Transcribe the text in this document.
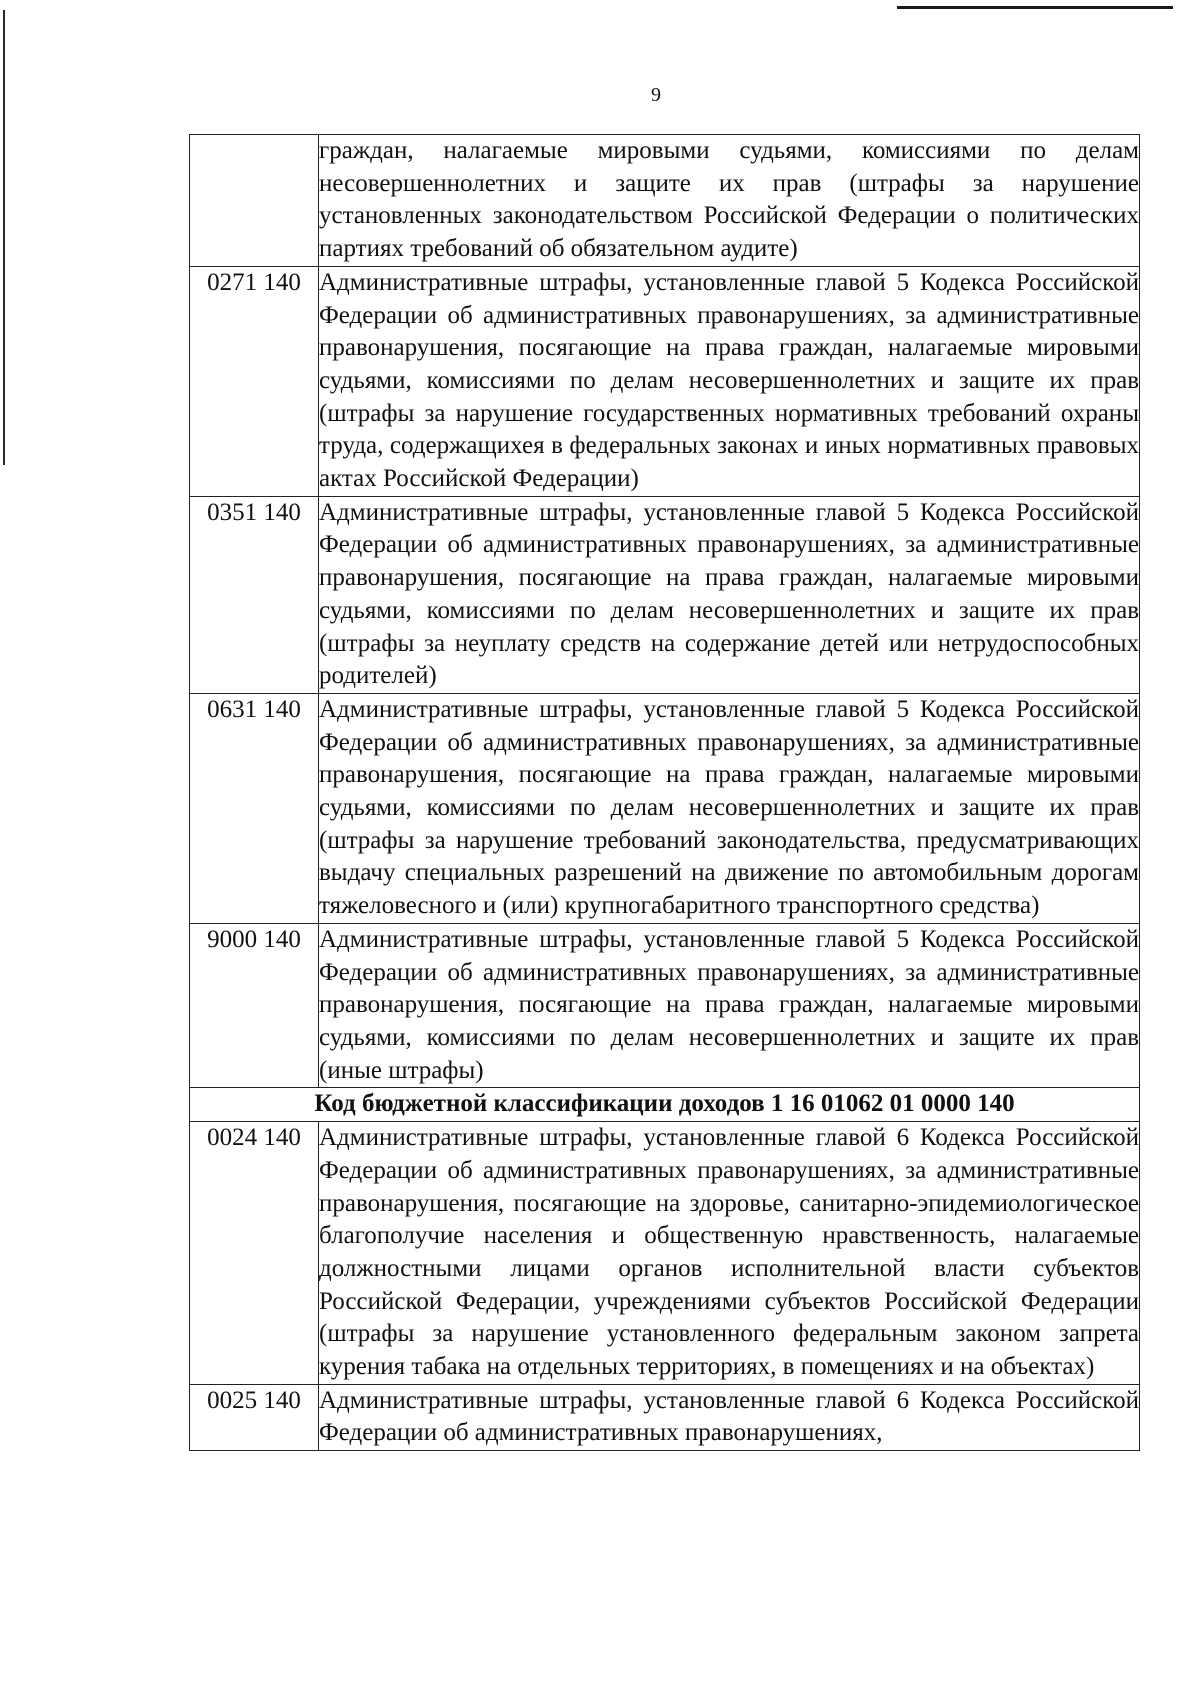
9
	граждан, налагаемые мировыми судьями, комиссиями по делам несовершеннолетних и защите их прав (штрафы за нарушение установленных законодательством Российской Федерации о политических партиях требований об обязательном аудите)
0271 140	Административные штрафы, установленные главой 5 Кодекса Российской Федерации об административных правонарушениях, за административные правонарушения, посягающие на права граждан, налагаемые мировыми судьями, комиссиями по делам несовершеннолетних и защите их прав (штрафы за нарушение государственных нормативных требований охраны труда, содержащихея в федеральных законах и иных нормативных правовых актах Российской Федерации)
0351 140	Административные штрафы, установленные главой 5 Кодекса Российской Федерации об административных правонарушениях, за административные правонарушения, посягающие на права граждан, налагаемые мировыми судьями, комиссиями по делам несовершеннолетних и защите их прав (штрафы за неуплату средств на содержание детей или нетрудоспособных родителей)
0631 140	Административные штрафы, установленные главой 5 Кодекса Российской Федерации об административных правонарушениях, за административные правонарушения, посягающие на права граждан, налагаемые мировыми судьями, комиссиями по делам несовершеннолетних и защите их прав (штрафы за нарушение требований законодательства, предусматривающих выдачу специальных разрешений на движение по автомобильным дорогам тяжеловесного и (или) крупногабаритного транспортного средства)
9000 140	Административные штрафы, установленные главой 5 Кодекса Российской Федерации об административных правонарушениях, за административные правонарушения, посягающие на права граждан, налагаемые мировыми судьями, комиссиями по делам несовершеннолетних и защите их прав (иные штрафы)
Код бюджетной классификации доходов 1 16 01062 01 0000 140	
0024 140	Административные штрафы, установленные главой 6 Кодекса Российской Федерации об административных правонарушениях, за административные правонарушения, посягающие на здоровье, санитарно-эпидемиологическое благополучие населения и общественную нравственность, налагаемые должностными лицами органов исполнительной власти субъектов Российской Федерации, учреждениями субъектов Российской Федерации (штрафы за нарушение установленного федеральным законом запрета курения табака на отдельных территориях, в помещениях и на объектах)
0025 140	Административные штрафы, установленные главой 6 Кодекса Российской Федерации об административных правонарушениях,
